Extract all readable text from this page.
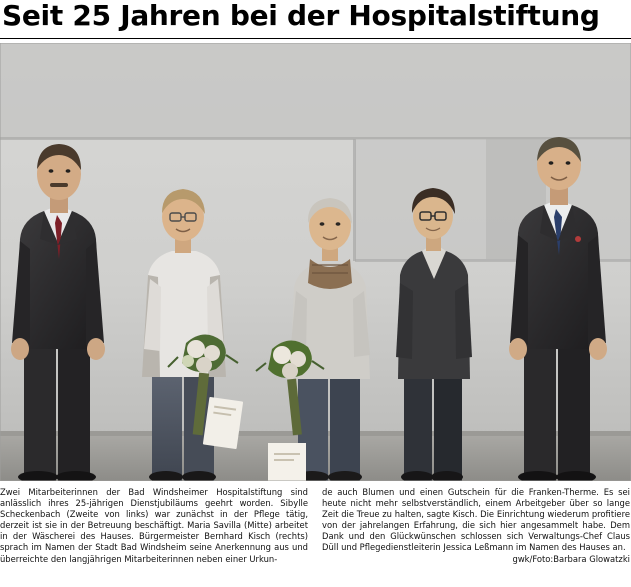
Seit 25 Jahren bei der Hospitalstiftung

Zwei Mitarbeiterinnen der Bad Windsheimer Hospitalstiftung sind anlässlich ihres 25-jährigen Dienstjubiläums geehrt worden. Sibylle Scheckenbach (Zweite von links) war zunächst in der Pflege tätig, derzeit ist sie in der Betreuung beschäftigt. Maria Savilla (Mitte) arbeitet in der Wäscherei des Hauses. Bürgermeister Bernhard Kisch (rechts) sprach im Namen der Stadt Bad Windsheim seine Anerkennung aus und überreichte den langjährigen Mitarbeiterinnen neben einer Urkun-

de auch Blumen und einen Gutschein für die Franken-Therme. Es sei heute nicht mehr selbstverständlich, einem Arbeitgeber über so lange Zeit die Treue zu halten, sagte Kisch. Die Einrichtung wiederum profitiere von der jahrelangen Erfahrung, die sich hier angesammelt habe. Dem Dank und den Glückwünschen schlossen sich Verwaltungs-Chef Claus Düll und Pflegedienstleiterin Jessica Leßmann im Namen des Hauses an.

gwk/Foto:Barbara Glowatzki
